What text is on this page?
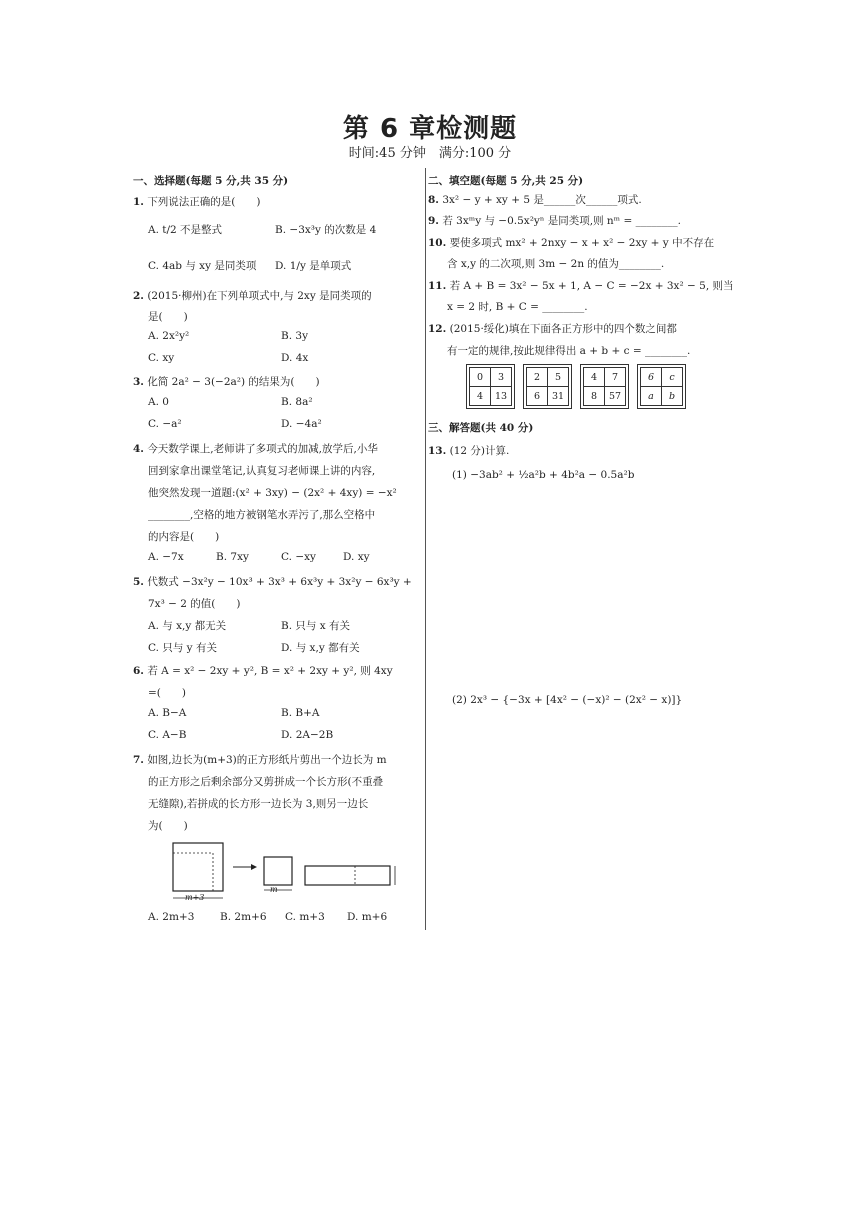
第 6 章检测题
时间:45 分钟　满分:100 分
一、选择题(每题 5 分,共 35 分)
1. 下列说法正确的是(　　)
A. t/2 不是整式	B. −3x³y 的次数是 4
C. 4ab 与 xy 是同类项 D. 1/y 是单项式
2. (2015·柳州)在下列单项式中,与 2xy 是同类项的
是(　　)
A. 2x²y²	B. 3y
C. xy	D. 4x
3. 化简 2a² − 3(−2a²) 的结果为(　　)
A. 0	B. 8a²
C. −a²	D. −4a²
4. 今天数学课上,老师讲了多项式的加减,放学后,小华
回到家拿出课堂笔记,认真复习老师课上讲的内容,
他突然发现一道题:(x² + 3xy) − (2x² + 4xy) = −x²
________,空格的地方被钢笔水弄污了,那么空格中
的内容是(　　)
A. −7x	B. 7xy	C. −xy	D. xy
5. 代数式 −3x²y − 10x³ + 3x³ + 6x³y + 3x²y − 6x³y +
7x³ − 2 的值(　　)
A. 与 x,y 都无关	B. 只与 x 有关
C. 只与 y 有关	D. 与 x,y 都有关
6. 若 A = x² − 2xy + y², B = x² + 2xy + y², 则 4xy
=(　　)
A. B−A	B. B+A
C. A−B	D. 2A−2B
7. 如图,边长为(m+3)的正方形纸片剪出一个边长为 m
的正方形之后剩余部分又剪拼成一个长方形(不重叠
无缝隙),若拼成的长方形一边长为 3,则另一边长
为(　　)
m+3
m
A. 2m+3 B. 2m+6 C. m+3 D. m+6
二、填空题(每题 5 分,共 25 分)
8. 3x² − y + xy + 5 是______次______项式.
9. 若 3xᵐy 与 −0.5x²yⁿ 是同类项,则 nᵐ = ________.
10. 要使多项式 mx² + 2nxy − x + x² − 2xy + y 中不存在
含 x,y 的二次项,则 3m − 2n 的值为________.
11. 若 A + B = 3x² − 5x + 1, A − C = −2x + 3x² − 5, 则当
x = 2 时, B + C = ________.
12. (2015·绥化)填在下面各正方形中的四个数之间都
有一定的规律,按此规律得出 a + b + c = ________.
0	3
4	13
2	5
6	31
4	7
8	57
6	c
a	b
三、解答题(共 40 分)
13. (12 分)计算.
(1) −3ab² + ½a²b + 4b²a − 0.5a²b
(2) 2x³ − {−3x + [4x² − (−x)² − (2x² − x)]}
